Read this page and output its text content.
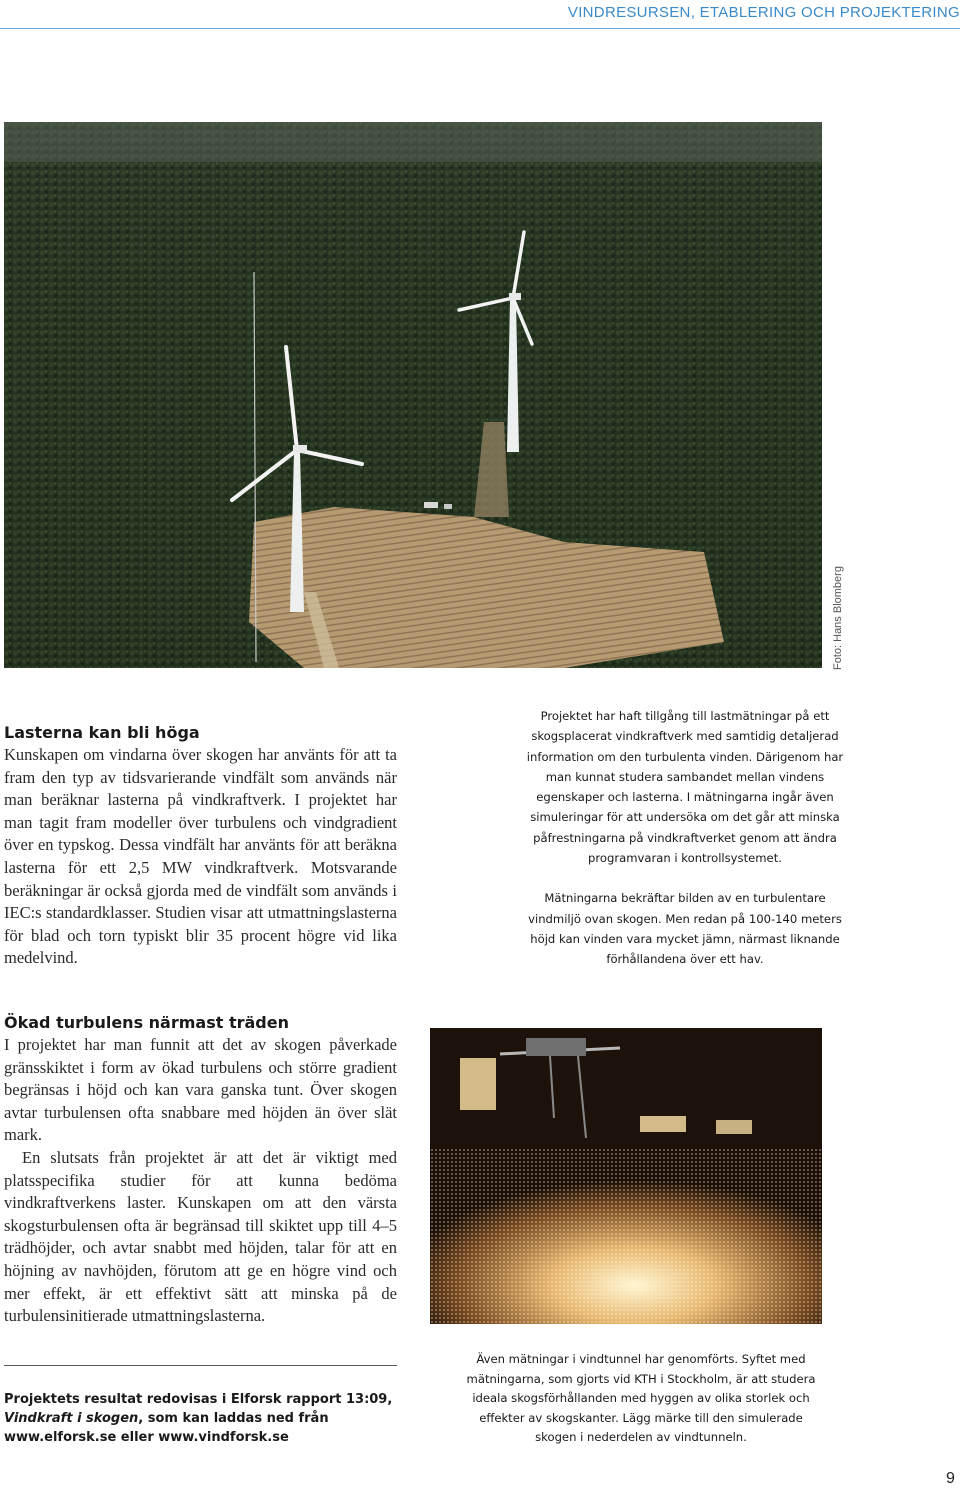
VINDRESURSEN, ETABLERING OCH PROJEKTERING
Foto: Hans Blomberg
Lasterna kan bli höga

Kunskapen om vindarna över skogen har använts för att ta fram den typ av tidsvarierande vindfält som används när man beräknar lasterna på vindkraftverk. I projektet har man tagit fram modeller över turbulens och vindgradient över en typskog. Dessa vindfält har använts för att beräkna lasterna för ett 2,5 MW vindkraftverk. Motsvarande beräkningar är också gjorda med de vindfält som används i IEC:s standardklasser. Studien visar att utmattningslasterna för blad och torn typiskt blir 35 procent högre vid lika medelvind.

Ökad turbulens närmast träden

I projektet har man funnit att det av skogen påverkade gränsskiktet i form av ökad turbulens och större gradient begränsas i höjd och kan vara ganska tunt. Över skogen avtar turbulensen ofta snabbare med höjden än över slät mark.

En slutsats från projektet är att det är viktigt med platsspecifika studier för att kunna bedöma vindkraftverkens laster. Kunskapen om att den värsta skogsturbulensen ofta är begränsad till skiktet upp till 4–5 trädhöjder, och avtar snabbt med höjden, talar för att en höjning av navhöjden, förutom att ge en högre vind och mer effekt, är ett effektivt sätt att minska på de turbulensinitierade utmattningslasterna.

Projektets resultat redovisas i Elforsk rapport 13:09,
Vindkraft i skogen, som kan laddas ned från
www.elforsk.se eller www.vindforsk.se

Projektet har haft tillgång till lastmätningar på ett skogsplacerat vindkraftverk med samtidig detaljerad information om den turbulenta vinden. Därigenom har man kunnat studera sambandet mellan vindens egenskaper och lasterna. I mätningarna ingår även simuleringar för att undersöka om det går att minska påfrestningarna på vindkraftverket genom att ändra programvaran i kontrollsystemet.

Mätningarna bekräftar bilden av en turbulentare vindmiljö ovan skogen. Men redan på 100-140 meters höjd kan vinden vara mycket jämn, närmast liknande förhållandena över ett hav.

Även mätningar i vindtunnel har genomförts. Syftet med mätningarna, som gjorts vid KTH i Stockholm, är att studera ideala skogsförhållanden med hyggen av olika storlek och effekter av skogskanter. Lägg märke till den simulerade skogen i nederdelen av vindtunneln.
9
